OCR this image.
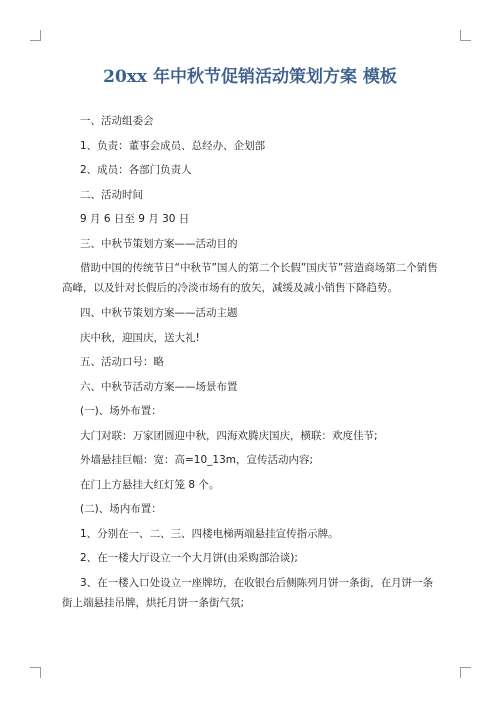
20xx 年中秋节促销活动策划方案 模板

一、活动组委会

1、负责：董事会成员、总经办、企划部

2、成员：各部门负责人

二、活动时间

9 月 6 日至 9 月 30 日

三、中秋节策划方案——活动目的

借助中国的传统节日“中秋节”国人的第二个长假”国庆节”营造商场第二个销售高峰，以及针对长假后的冷淡市场有的放矢，减缓及减小销售下降趋势。

四、中秋节策划方案——活动主题

庆中秋，迎国庆，送大礼!

五、活动口号：略

六、中秋节活动方案——场景布置

(一)、场外布置：

大门对联：万家团圆迎中秋，四海欢腾庆国庆，横联：欢度佳节;

外墙悬挂巨幅：宽：高=10_13m，宣传活动内容;

在门上方悬挂大红灯笼 8 个。

(二)、场内布置：

1、分别在一、二、三、四楼电梯两端悬挂宣传指示牌。

2、在一楼大厅设立一个大月饼(由采购部洽谈);

3、在一楼入口处设立一座牌坊，在收银台后侧陈列月饼一条街，在月饼一条街上端悬挂吊牌，烘托月饼一条街气氛;
